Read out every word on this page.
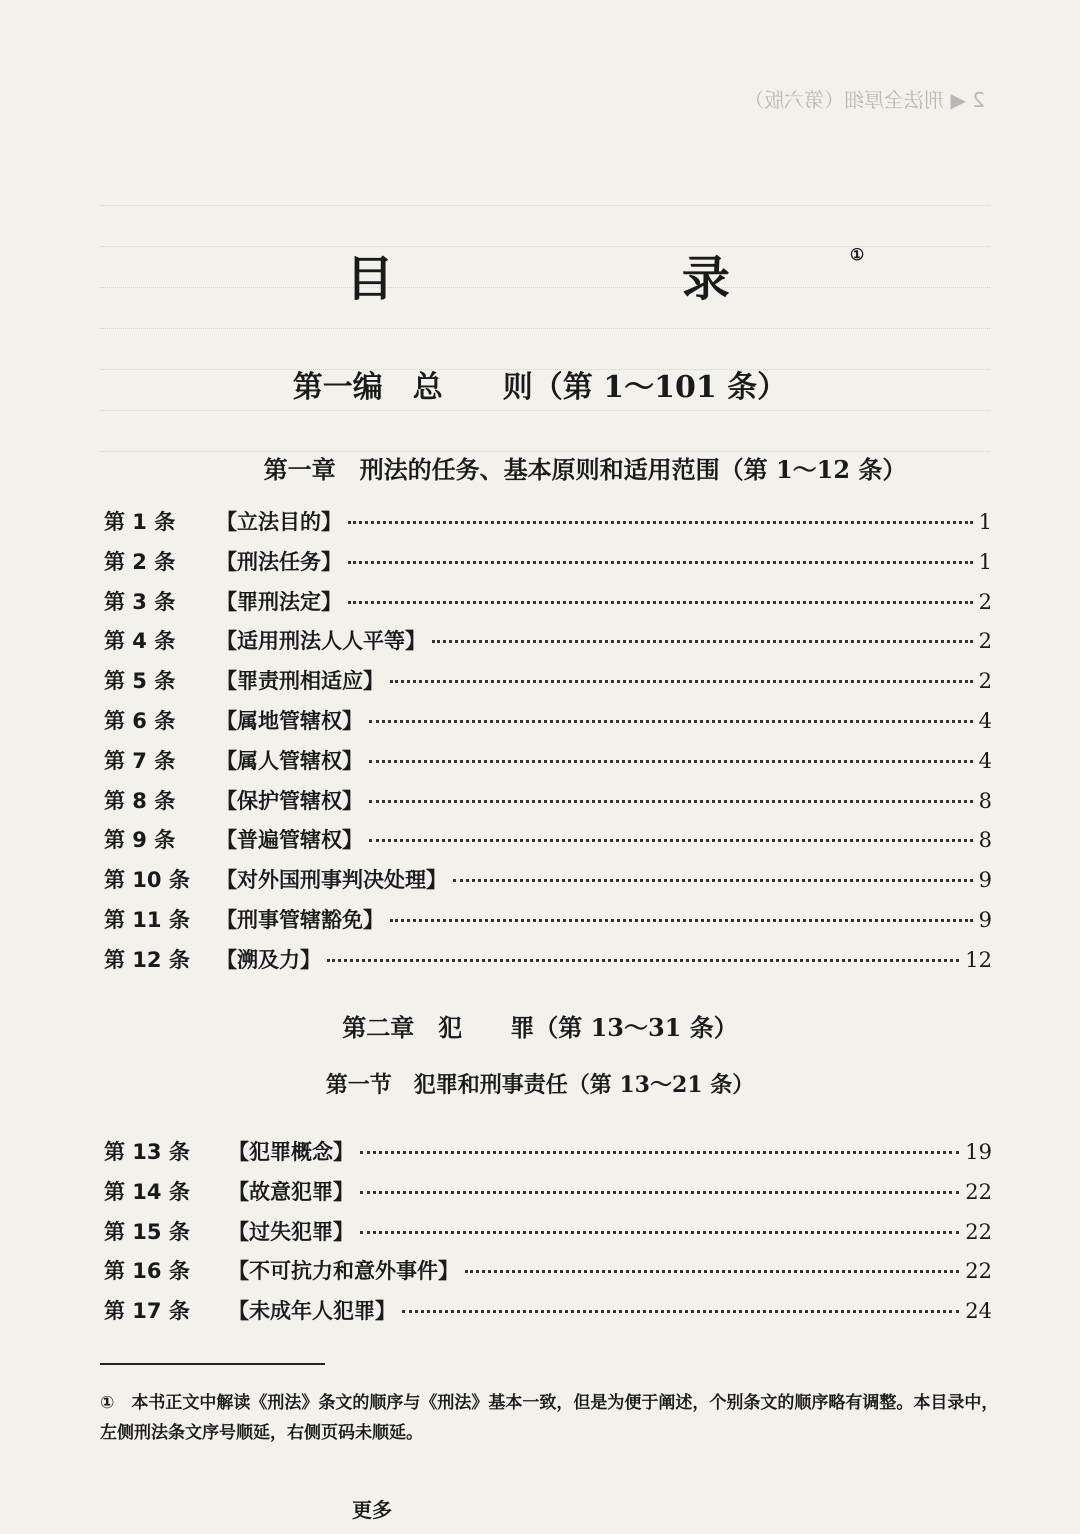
2 ◀ 刑法全厚细（第六版）
目　录①
第一编　总　　则（第 1～101 条）
第一章　刑法的任务、基本原则和适用范围（第 1～12 条）
第 1 条	【立法目的】	1
第 2 条	【刑法任务】	1
第 3 条	【罪刑法定】	2
第 4 条	【适用刑法人人平等】	2
第 5 条	【罪责刑相适应】	2
第 6 条	【属地管辖权】	4
第 7 条	【属人管辖权】	4
第 8 条	【保护管辖权】	8
第 9 条	【普遍管辖权】	8
第 10 条	【对外国刑事判决处理】	9
第 11 条	【刑事管辖豁免】	9
第 12 条	【溯及力】	12
第二章　犯　　罪（第 13～31 条）
第一节　犯罪和刑事责任（第 13～21 条）
第 13 条	【犯罪概念】	19
第 14 条	【故意犯罪】	22
第 15 条	【过失犯罪】	22
第 16 条	【不可抗力和意外事件】	22
第 17 条	【未成年人犯罪】	24
①　本书正文中解读《刑法》条文的顺序与《刑法》基本一致，但是为便于阐述，个别条文的顺序略有调整。本目录中，左侧刑法条文序号顺延，右侧页码未顺延。
更多
